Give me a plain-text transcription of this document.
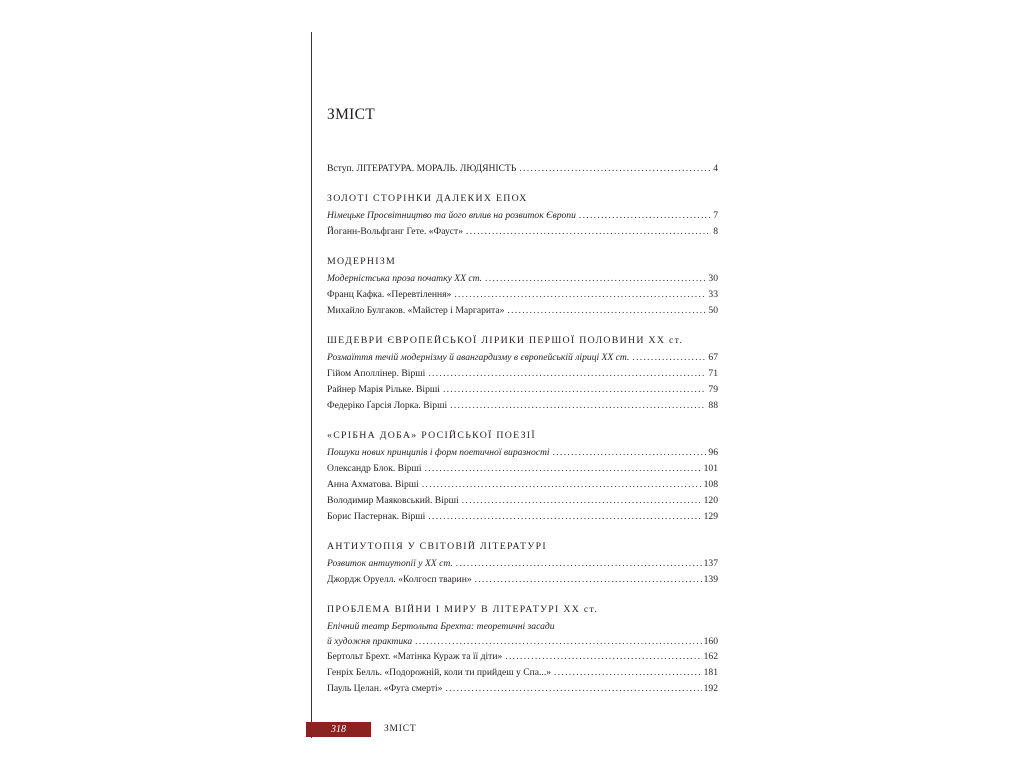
ЗМІСТ
Вступ. ЛІТЕРАТУРА. МОРАЛЬ. ЛЮДЯНІСТЬ .....	4
ЗОЛОТІ СТОРІНКИ ДАЛЕКИХ ЕПОХ
Німецьке Просвітництво та його вплив на розвиток Європи .....	7
Йоганн-Вольфганг Гете. «Фауст» .....	8
МОДЕРНІЗМ
Модерністська проза початку XX ст. .....	30
Франц Кафка. «Перевтілення» .....	33
Михайло Булгаков. «Майстер і Маргарита» .....	50
ШЕДЕВРИ ЄВРОПЕЙСЬКОЇ ЛІРИКИ ПЕРШОЇ ПОЛОВИНИ XX ст.
Розмаїття течій модернізму й авангардизму в європейській ліриці XX ст. .....	67
Гійом Аполлінер. Вірші .....	71
Райнер Марія Рільке. Вірші .....	79
Федеріко Ґарсія Лорка. Вірші .....	88
«СРІБНА ДОБА» РОСІЙСЬКОЇ ПОЕЗІЇ
Пошуки нових принципів і форм поетичної виразності .....	96
Олександр Блок. Вірші .....	101
Анна Ахматова. Вірші .....	108
Володимир Маяковський. Вірші .....	120
Борис Пастернак. Вірші .....	129
АНТИУТОПІЯ У СВІТОВІЙ ЛІТЕРАТУРІ
Розвиток антиутопії у XX ст. .....	137
Джордж Оруелл. «Колгосп тварин» .....	139
ПРОБЛЕМА ВІЙНИ І МИРУ В ЛІТЕРАТУРІ XX ст.
Епічний театр Бертольта Брехта: теоретичні засади
й художня практика .....	160
Бертольт Брехт. «Матінка Кураж та її діти» .....	162
Генріх Белль. «Подорожній, коли ти прийдеш у Спа...» .....	181
Пауль Целан. «Фуга смерті» .....	192
318	ЗМІСТ
